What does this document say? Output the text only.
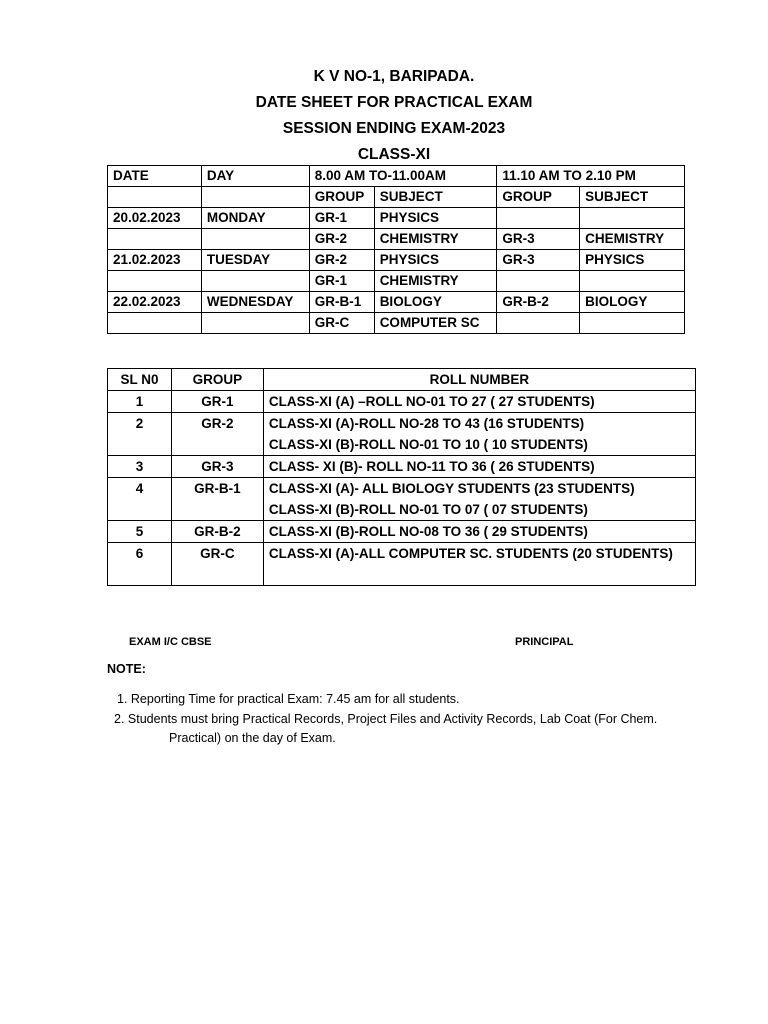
K V NO-1, BARIPADA.
DATE SHEET FOR PRACTICAL EXAM
SESSION ENDING EXAM-2023
CLASS-XI
DATE	DAY	8.00 AM TO-11.00AM		11.10 AM TO 2.10 PM	
		GROUP	SUBJECT	GROUP	SUBJECT
20.02.2023	MONDAY	GR-1	PHYSICS		
		GR-2	CHEMISTRY	GR-3	CHEMISTRY
21.02.2023	TUESDAY	GR-2	PHYSICS	GR-3	PHYSICS
		GR-1	CHEMISTRY		
22.02.2023	WEDNESDAY	GR-B-1	BIOLOGY	GR-B-2	BIOLOGY
		GR-C	COMPUTER SC		
SL N0	GROUP	ROLL NUMBER
1	GR-1	CLASS-XI (A) –ROLL NO-01 TO 27 ( 27 STUDENTS)

2	GR-2	CLASS-XI (A)-ROLL NO-28 TO 43 (16 STUDENTS)
CLASS-XI (B)-ROLL NO-01 TO 10 ( 10 STUDENTS)

3	GR-3	CLASS- XI (B)- ROLL NO-11 TO 36 ( 26 STUDENTS)

4	GR-B-1	CLASS-XI (A)- ALL BIOLOGY STUDENTS (23 STUDENTS)
CLASS-XI (B)-ROLL NO-01 TO 07 ( 07 STUDENTS)

5	GR-B-2	CLASS-XI (B)-ROLL NO-08 TO 36 ( 29 STUDENTS)

6	GR-C	CLASS-XI (A)-ALL COMPUTER SC. STUDENTS (20 STUDENTS)
EXAM I/C CBSE	PRINCIPAL
NOTE:
1. Reporting Time for practical Exam: 7.45 am for all students.
2. Students must bring Practical Records, Project Files and Activity Records, Lab Coat (For Chem.
Practical) on the day of Exam.
